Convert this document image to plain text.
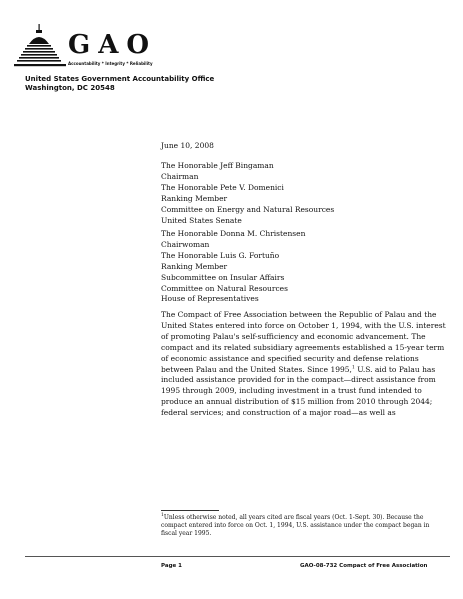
GAO
Accountability * Integrity * Reliability
United States Government Accountability Office
Washington, DC 20548
June 10, 2008
The Honorable Jeff Bingaman
Chairman
The Honorable Pete V. Domenici
Ranking Member
Committee on Energy and Natural Resources
United States Senate
The Honorable Donna M. Christensen
Chairwoman
The Honorable Luis G. Fortuño
Ranking Member
Subcommittee on Insular Affairs
Committee on Natural Resources
House of Representatives
The Compact of Free Association between the Republic of Palau and the United States entered into force on October 1, 1994, with the U.S. interest of promoting Palau's self-sufficiency and economic advancement. The compact and its related subsidiary agreements established a 15-year term of economic assistance and specified security and defense relations between Palau and the United States. Since 1995,$^1$ U.S. aid to Palau has included assistance provided for in the compact—direct assistance from 1995 through 2009, including investment in a trust fund intended to produce an annual distribution of $15 million from 2010 through 2044; federal services; and construction of a major road—as well as
$^1$Unless otherwise noted, all years cited are fiscal years (Oct. 1-Sept. 30). Because the compact entered into force on Oct. 1, 1994, U.S. assistance under the compact began in fiscal year 1995.
Page 1	GAO-08-732 Compact of Free Association
